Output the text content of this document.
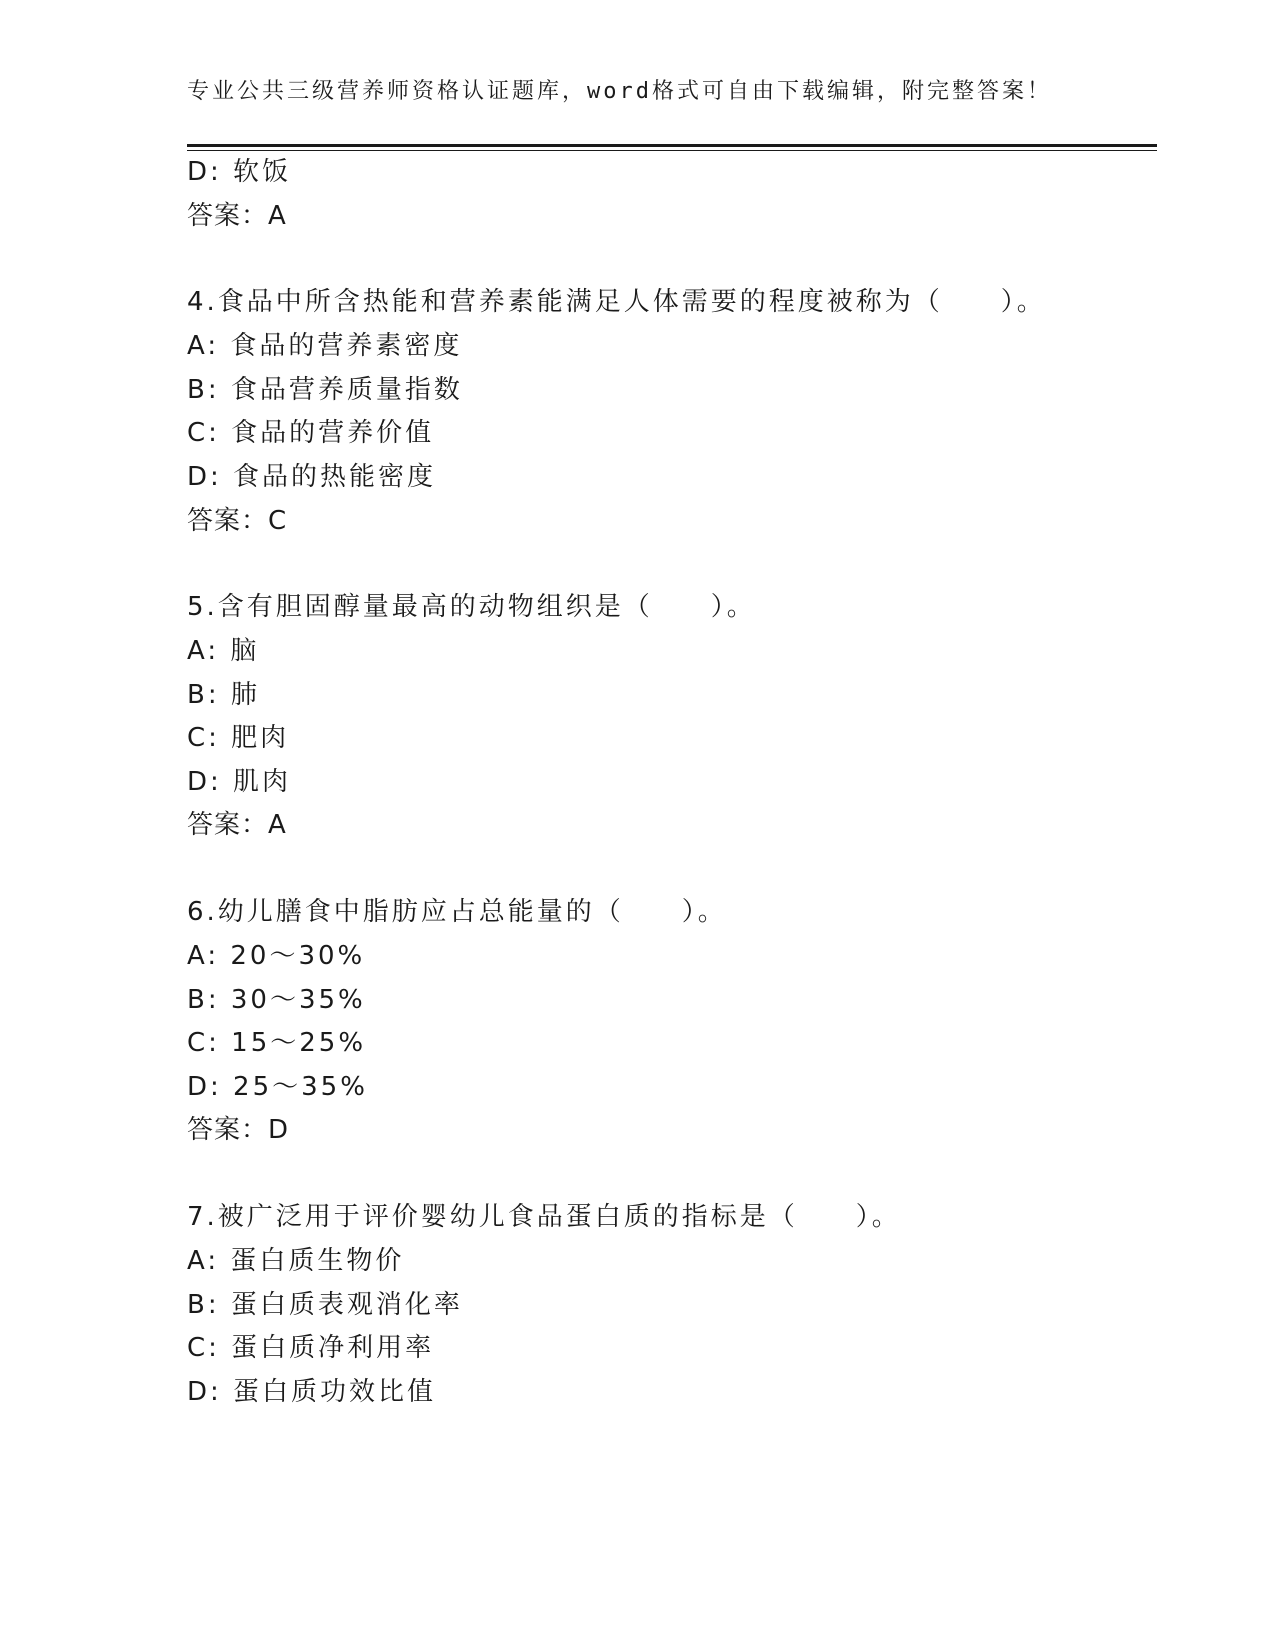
专业公共三级营养师资格认证题库，word格式可自由下载编辑，附完整答案！
D: 软饭
答案：A
4.食品中所含热能和营养素能满足人体需要的程度被称为（　　）。
A: 食品的营养素密度
B: 食品营养质量指数
C: 食品的营养价值
D: 食品的热能密度
答案：C
5.含有胆固醇量最高的动物组织是（　　）。
A: 脑
B: 肺
C: 肥肉
D: 肌肉
答案：A
6.幼儿膳食中脂肪应占总能量的（　　）。
A: 20～30%
B: 30～35%
C: 15～25%
D: 25～35%
答案：D
7.被广泛用于评价婴幼儿食品蛋白质的指标是（　　）。
A: 蛋白质生物价
B: 蛋白质表观消化率
C: 蛋白质净利用率
D: 蛋白质功效比值
